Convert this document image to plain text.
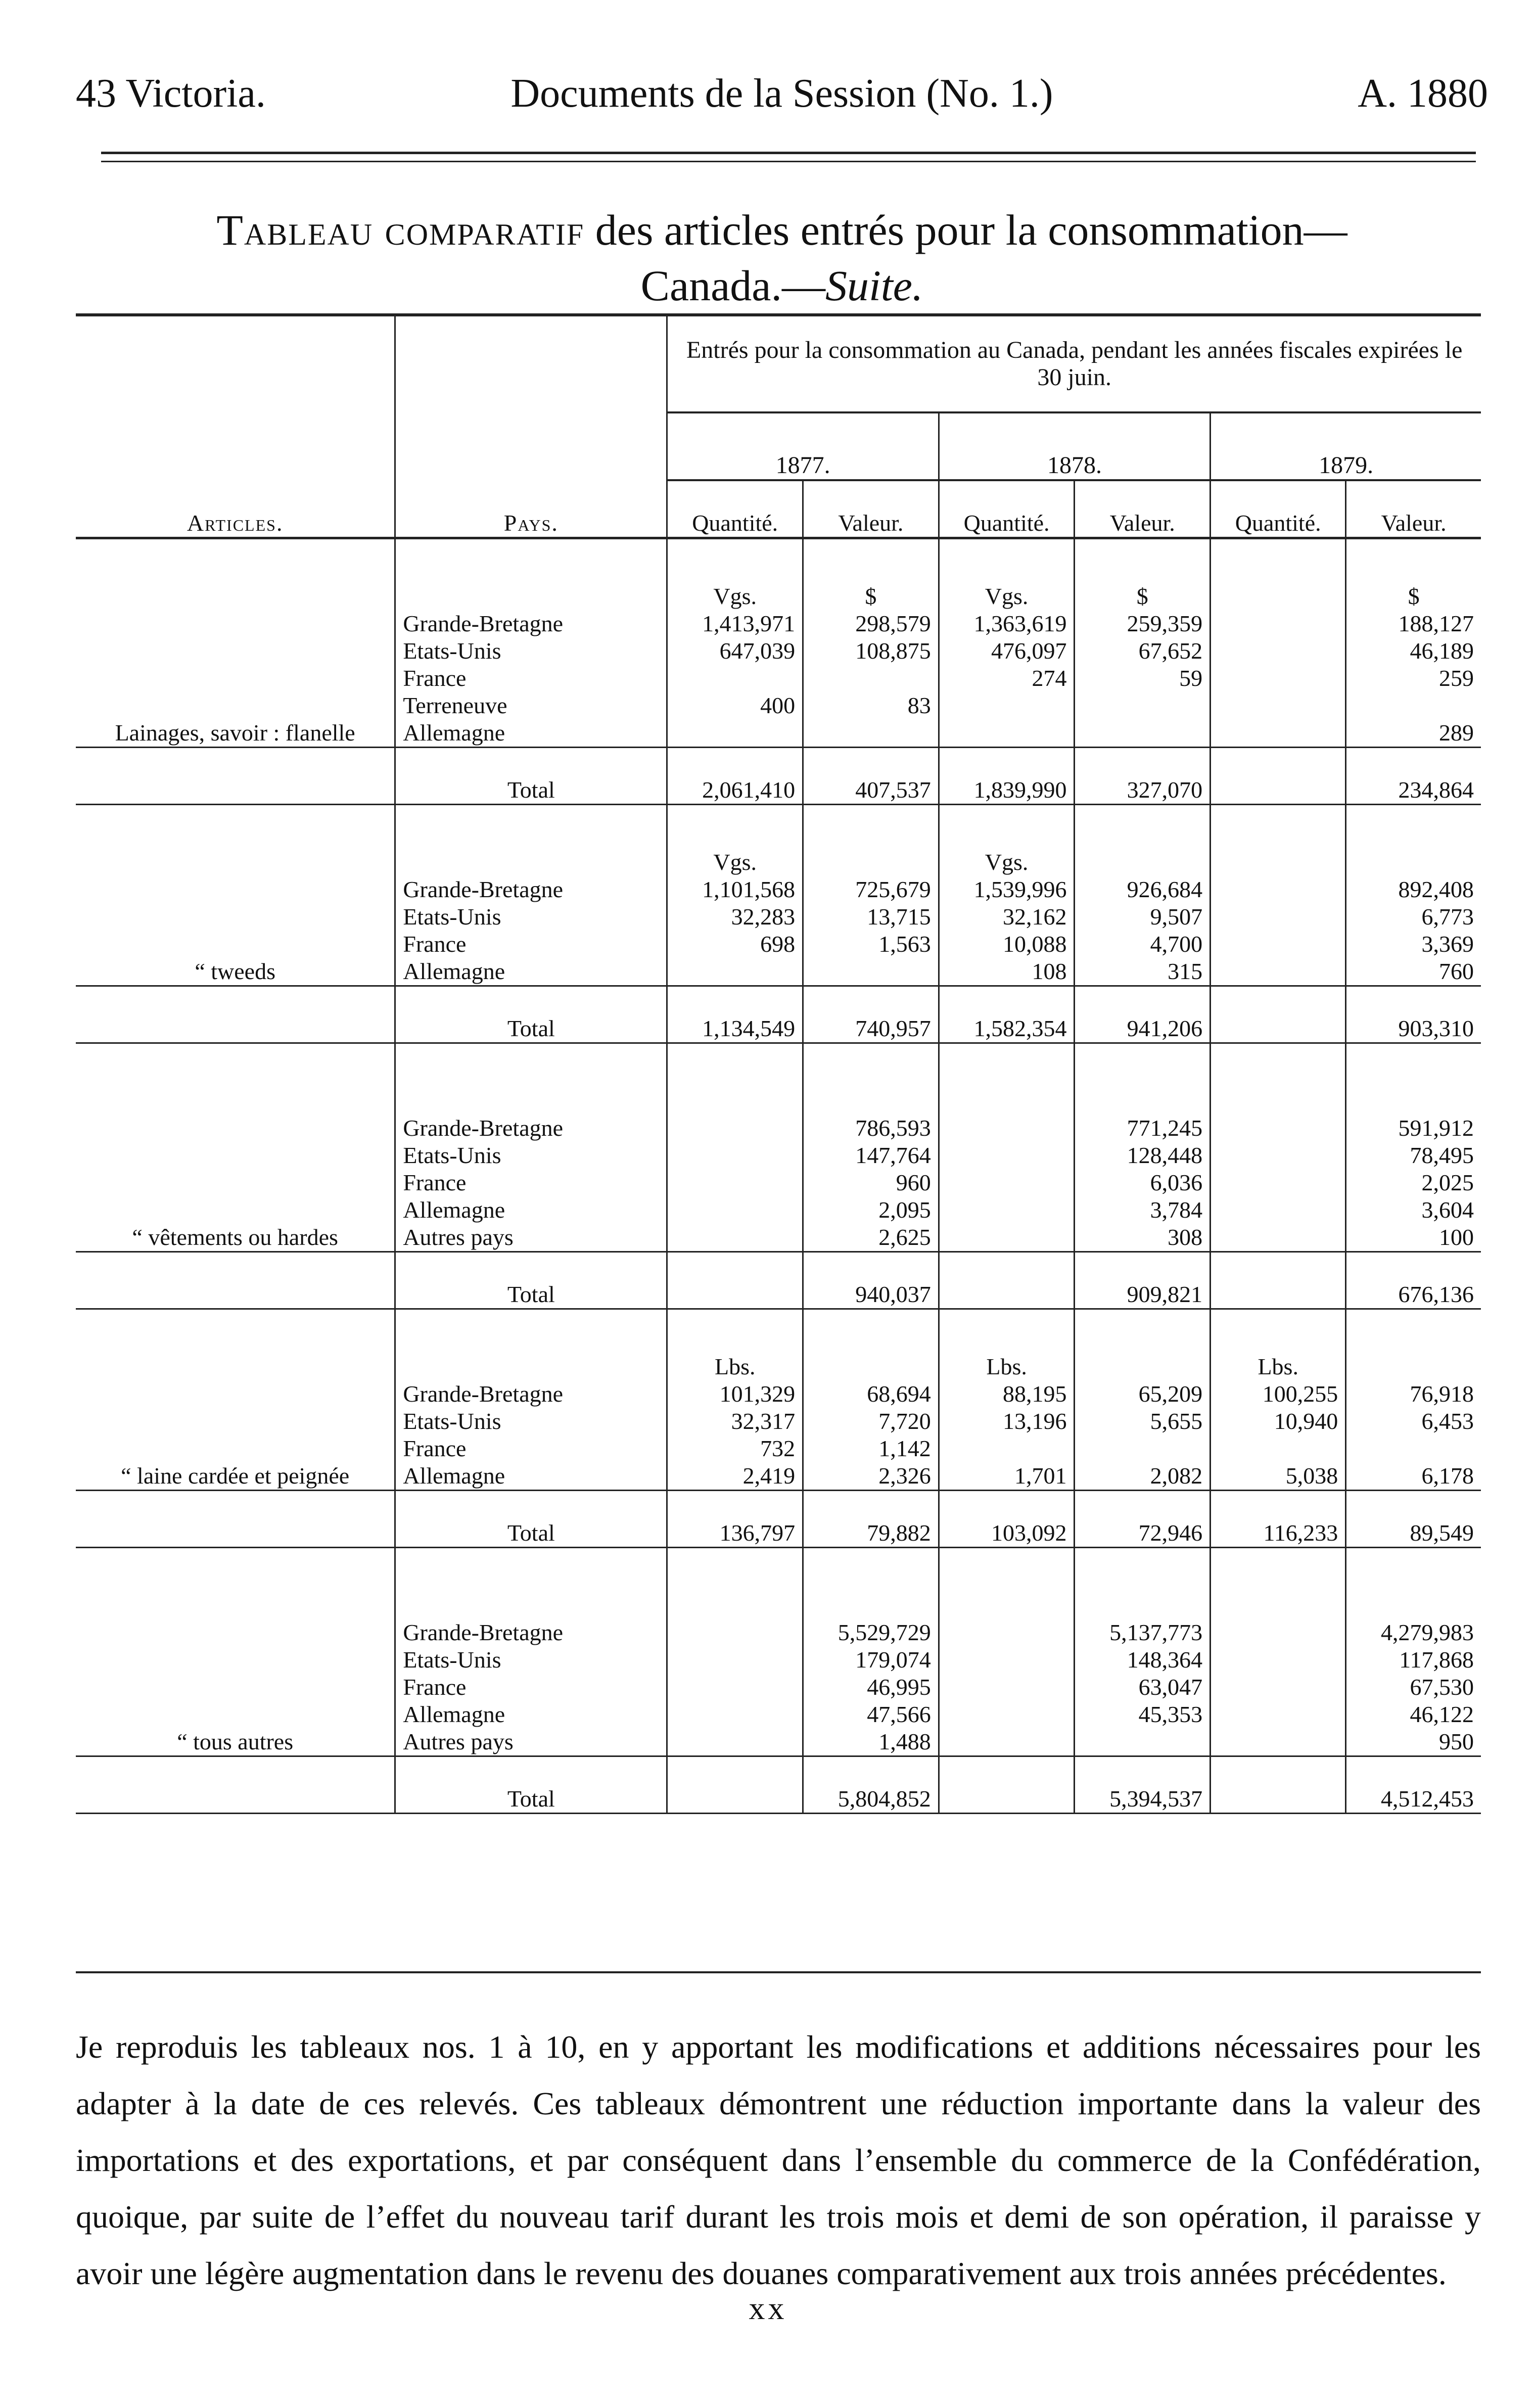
43 Victoria.	Documents de la Session (No. 1.)	A. 1880
Tableau comparatif des articles entrés pour la consommation—
Canada.—Suite.
Articles.	Pays.	Entrés pour la consommation au Canada, pendant les années fiscales expirées le 30 juin.					
		1877.		1878.		1879.	
		Quantité.	Valeur.	Quantité.	Valeur.	Quantité.	Valeur.

Lainages, savoir : flanelle		Vgs.	$	Vgs.	$		$
	Grande-Bretagne	1,413,971	298,579	1,363,619	259,359		188,127
	Etats-Unis	647,039	108,875	476,097	67,652		46,189
	France			274	59		259
	Terreneuve	400	83				
	Allemagne						289
	Total	2,061,410	407,537	1,839,990	327,070		234,864

“ tweeds		Vgs.		Vgs.			
	Grande-Bretagne	1,101,568	725,679	1,539,996	926,684		892,408
	Etats-Unis	32,283	13,715	32,162	9,507		6,773
	France	698	1,563	10,088	4,700		3,369
	Allemagne			108	315		760
	Total	1,134,549	740,957	1,582,354	941,206		903,310

“ vêtements ou hardes							
	Grande-Bretagne		786,593		771,245		591,912
	Etats-Unis		147,764		128,448		78,495
	France		960		6,036		2,025
	Allemagne		2,095		3,784		3,604
	Autres pays		2,625		308		100
	Total		940,037		909,821		676,136

“ laine cardée et peignée		Lbs.		Lbs.		Lbs.	
	Grande-Bretagne	101,329	68,694	88,195	65,209	100,255	76,918
	Etats-Unis	32,317	7,720	13,196	5,655	10,940	6,453
	France	732	1,142				
	Allemagne	2,419	2,326	1,701	2,082	5,038	6,178
	Total	136,797	79,882	103,092	72,946	116,233	89,549

“ tous autres							
	Grande-Bretagne		5,529,729		5,137,773		4,279,983
	Etats-Unis		179,074		148,364		117,868
	France		46,995		63,047		67,530
	Allemagne		47,566		45,353		46,122
	Autres pays		1,488				950
	Total		5,804,852		5,394,537		4,512,453

Je reproduis les tableaux nos. 1 à 10, en y apportant les modifications et additions nécessaires pour les adapter à la date de ces relevés. Ces tableaux démontrent une réduction importante dans la valeur des importations et des exportations, et par conséquent dans l’ensemble du commerce de la Confédération, quoique, par suite de l’effet du nouveau tarif durant les trois mois et demi de son opération, il paraisse y avoir une légère augmentation dans le revenu des douanes comparativement aux trois années précédentes.

xx
